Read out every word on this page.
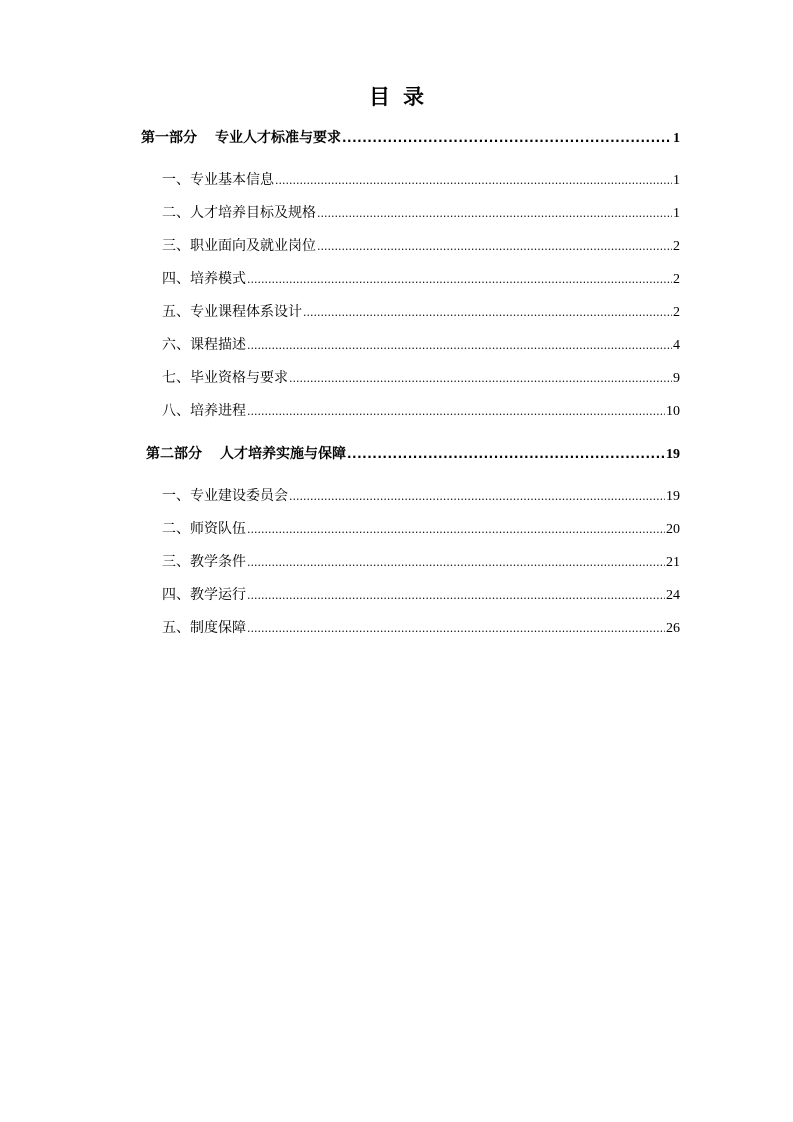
目 录
第一部分 专业人才标准与要求 .....	1
一、专业基本信息 .....	1
二、人才培养目标及规格 .....	1
三、职业面向及就业岗位 .....	2
四、培养模式 .....	2
五、专业课程体系设计 .....	2
六、课程描述 .....	4
七、毕业资格与要求 .....	9
八、培养进程 .....	10
第二部分 人才培养实施与保障 .....	19
一、专业建设委员会 .....	19
二、师资队伍 .....	20
三、教学条件 .....	21
四、教学运行 .....	24
五、制度保障 .....	26
